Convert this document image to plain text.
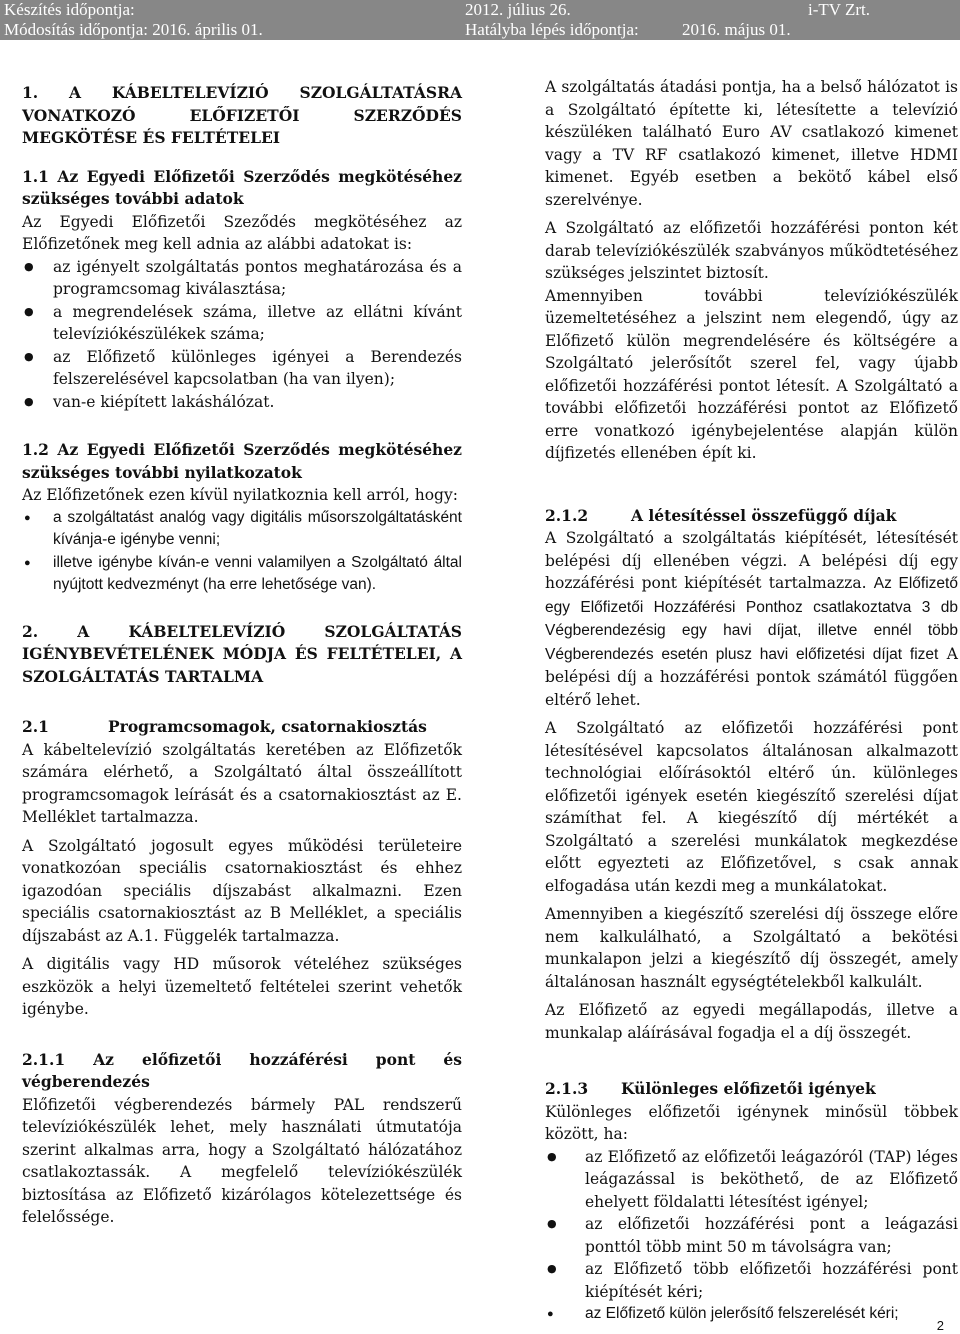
Készítés időpontja:	2012. július 26.	i-TV Zrt.
Módosítás időpontja: 2016. április 01.	Hatályba lépés időpontja:	2016. május 01.
1. A KÁBELTELEVÍZIÓ SZOLGÁLTATÁSRA VONATKOZÓ ELŐFIZETŐI SZERZŐDÉS MEGKÖTÉSE ÉS FELTÉTELEI
1.1 Az Egyedi Előfizetői Szerződés megkötéséhez szükséges további adatok

Az Egyedi Előfizetői Szeződés megkötéséhez az Előfizetőnek meg kell adnia az alábbi adatokat is:

● az igényelt szolgáltatás pontos meghatározása és a programcsomag kiválasztása;
● a megrendelések száma, illetve az ellátni kívánt televíziókészülékek száma;
● az Előfizető különleges igényei a Berendezés felszerelésével kapcsolatban (ha van ilyen);
● van-e kiépített lakáshálózat.
1.2 Az Egyedi Előfizetői Szerződés megkötéséhez szükséges további nyilatkozatok

Az Előfizetőnek ezen kívül nyilatkoznia kell arról, hogy:

● a szolgáltatást analóg vagy digitális műsorszolgáltatásként kívánja-e igénybe venni;
● illetve igénybe kíván-e venni valamilyen a Szolgáltató által nyújtott kedvezményt (ha erre lehetősége van).
2. A KÁBELTELEVÍZIÓ SZOLGÁLTATÁS IGÉNYBEVÉTELÉNEK MÓDJA ÉS FELTÉTELEI, A SZOLGÁLTATÁS TARTALMA
2.1	Programcsomagok, csatornakiosztás

A kábeltelevízió szolgáltatás keretében az Előfizetők számára elérhető, a Szolgáltató által összeállított programcsomagok leírását és a csatornakiosztást az E. Melléklet tartalmazza.

A Szolgáltató jogosult egyes működési területeire vonatkozóan speciális csatornakiosztást és ehhez igazodóan speciális díjszabást alkalmazni. Ezen speciális csatornakiosztást az B Melléklet, a speciális díjszabást az A.1. Függelék tartalmazza.

A digitális vagy HD műsorok vételéhez szükséges eszközök a helyi üzemeltető feltételei szerint vehetők igénybe.

2.1.1 Az előfizetői hozzáférési pont és végberendezés

Előfizetői végberendezés bármely PAL rendszerű televíziókészülék lehet, mely használati útmutatója szerint alkalmas arra, hogy a Szolgáltató hálózatához csatlakoztassák. A megfelelő televíziókészülék biztosítása az Előfizető kizárólagos kötelezettsége és felelőssége.

A szolgáltatás átadási pontja, ha a belső hálózatot is a Szolgáltató építette ki, létesítette a televízió készüléken található Euro AV csatlakozó kimenet vagy a TV RF csatlakozó kimenet, illetve HDMI kimenet. Egyéb esetben a bekötő kábel első szerelvénye.

A Szolgáltató az előfizetői hozzáférési ponton két darab televíziókészülék szabványos működtetéséhez szükséges jelszintet biztosít.

Amennyiben további televíziókészülék üzemeltetéséhez a jelszint nem elegendő, úgy az Előfizető külön megrendelésére és költségére a Szolgáltató jelerősítőt szerel fel, vagy újabb előfizetői hozzáférési pontot létesít. A Szolgáltató a további előfizetői hozzáférési pontot az Előfizető erre vonatkozó igénybejelentése alapján külön díjfizetés ellenében épít ki.

2.1.2	A létesítéssel összefüggő díjak

A Szolgáltató a szolgáltatás kiépítését, létesítését belépési díj ellenében végzi. A belépési díj egy hozzáférési pont kiépítését tartalmazza. Az Előfizető egy Előfizetői Hozzáférési Ponthoz csatlakoztatva 3 db Végberendezésig egy havi díjat, illetve ennél több Végberendezés esetén plusz havi előfizetési díjat fizet A belépési díj a hozzáférési pontok számától függően eltérő lehet.

A Szolgáltató az előfizetői hozzáférési pont létesítésével kapcsolatos általánosan alkalmazott technológiai előírásoktól eltérő ún. különleges előfizetői igények esetén kiegészítő szerelési díjat számíthat fel. A kiegészítő díj mértékét a Szolgáltató a szerelési munkálatok megkezdése előtt egyezteti az Előfizetővel, s csak annak elfogadása után kezdi meg a munkálatokat.

Amennyiben a kiegészítő szerelési díj összege előre nem kalkulálható, a Szolgáltató a bekötési munkalapon jelzi a kiegészítő díj összegét, amely általánosan használt egységtételekből kalkulált.

Az Előfizető az egyedi megállapodás, illetve a munkalap aláírásával fogadja el a díj összegét.

2.1.3 Különleges előfizetői igények

Különleges előfizetői igénynek minősül többek között, ha:

● az Előfizető az előfizetői leágazóról (TAP) léges leágazással is beköthető, de az Előfizető ehelyett földalatti létesítést igényel;
● az előfizetői hozzáférési pont a leágazási ponttól több mint 50 m távolságra van;
● az Előfizető több előfizetői hozzáférési pont kiépítését kéri;
● az Előfizető külön jelerősítő felszerelését kéri;
2
